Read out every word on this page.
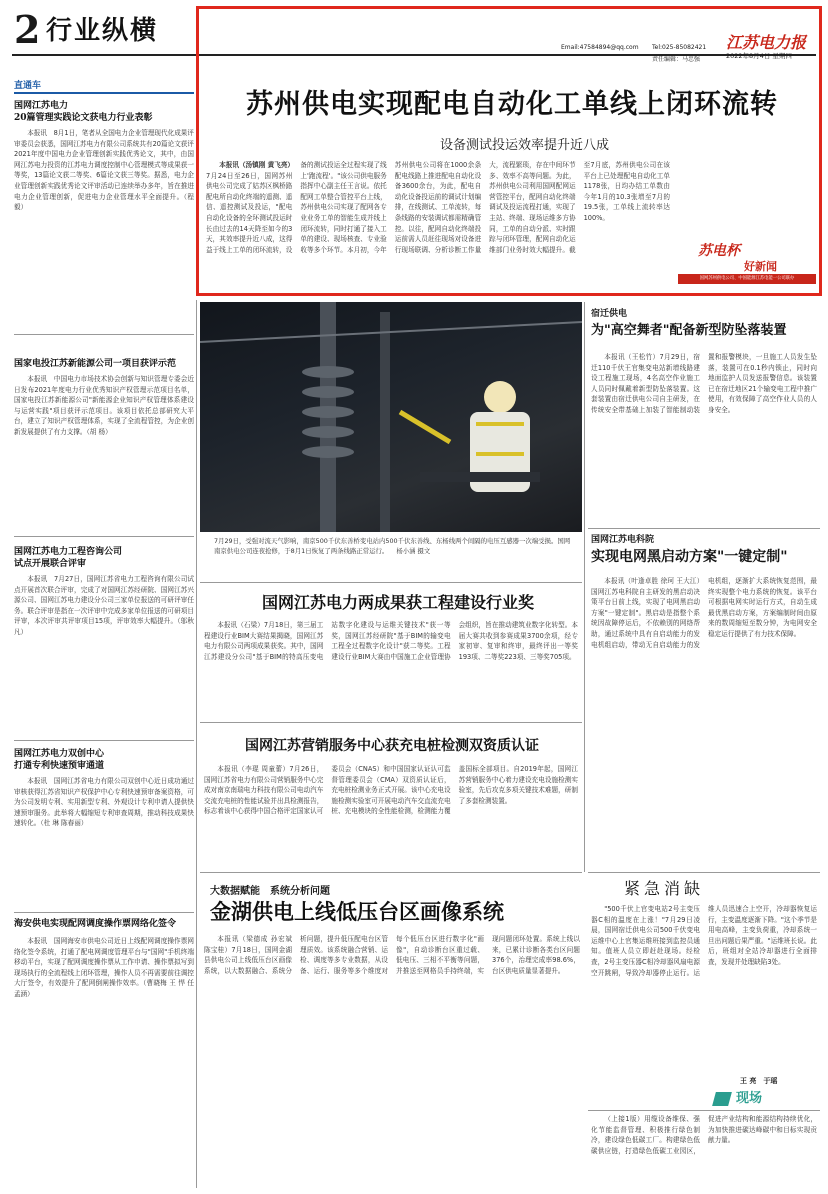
2 行业纵横
Email:47584894@qq.com Tel:025-85082421
责任编辑：马忠强
江苏电力报
2022年8月4日 星期四
苏州供电实现配电自动化工单线上闭环流转
设备测试投运效率提升近八成

本报讯（汤镇刚 黄飞亮）7月24日至26日，国网苏州供电公司完成了姑苏区枫桥路配电所自动化终端的遥测、遥信、遥控测试及投运，"配电自动化设备的全环测试投运时长由过去的14天降至如今的3天，其效率提升近八成，这得益于线上工单的闭环流转，设备的测试投运全过程实现了线上'跑流程'。"该公司供电服务指挥中心副主任王言说。依托配网工单整合管控平台上线，苏州供电公司实现了配网各专业业务工单的智能生成并线上闭环流转，同时打通了接入工单的建设、现场核查、专业验收等多个环节。本月初，今年苏州供电公司将在1000余条配电线路上推进配电自动化设备3600余台，为此，配电自动化设备投运前的调试计划编排，在线测试、工单流转，每条线路的安装调试都需精确管控。以往，配网自动化终端投运前需人员赶往现场对设备进行现场联调、分析诊断工作量大，流程繁琐，存在中间环节多、效率不高等问题。为此，苏州供电公司利用国网配网运营管控平台，配网自动化终端调试及投运流程打通，实现了主站、终端、现场运维多方协同，工单的自动分派、实时跟踪与闭环管理，配网自动化运维部门业务时效大幅提升。截至7月底，苏州供电公司在该平台上已处理配电自动化工单1178张，日均办结工单数由今年1月的10.3张增至7月的19.5张，工单线上流转率达100%。

苏电杯
好新闻
国网苏州供电公司、中国能源江苏电能一公司联办
直通车
国网江苏电力
20篇管理实践论文获电力行业表彰

本报讯　8月1日，笔者从全国电力企业管理现代化成果评审委员会获悉，国网江苏电力有限公司系统共有20篇论文获评2021年度中国电力企业管理创新实践优秀论文，其中，由国网江苏电力投资的江苏电力调度控制中心管理模式等成果获一等奖，13篇论文获二等奖、6篇论文获三等奖。据悉，电力企业管理创新实践优秀论文评审活动已连续举办多年，旨在推进电力企业管理创新，促进电力企业管理水平全面提升。（程 毅）

国家电投江苏新能源公司一项目获评示范

本报讯　中国电力市场技术协会创新与知识管理专委会近日发布2021年度电力行业优秀知识产权管理示范项目名单，国家电投江苏新能源公司"新能源企业知识产权管理体系建设与运营实践"项目获评示范项目。该项目依托总部研究大平台，建立了知识产权管理体系，实现了全流程管控，为企业创新发展提供了有力支撑。（胡 杨）

国网江苏电力工程咨询公司
试点开展联合评审

本报讯　7月27日，国网江苏省电力工程咨询有限公司试点开展首次联合评审，完成了对国网江苏经研院、国网江苏兴源公司、国网江苏电力建设分公司三家单位报送的可研评审任务。联合评审是指在一次评审中完成多家单位报送的可研项目评审，本次评审共评审项目15项，评审效率大幅提升。（邬秋凡）

国网江苏电力双创中心
打通专利快速预审通道

本报讯　国网江苏省电力有限公司双创中心近日成功通过审核获得江苏省知识产权保护中心专利快速预审备案资格，可为公司发明专利、实用新型专利、外观设计专利申请人提供快速预审服务。此举将大幅缩短专利审查周期，推动科技成果快速转化。（杜 琳 陈春丽）

海安供电实现配网调度操作票网络化签令

本报讯　国网海安市供电公司近日上线配网调度操作票网络化签令系统，打通了配电网调度管理平台与"国网"手机终端移动平台，实现了配网调度操作票从工作申请、操作票拟写到现场执行的全流程线上闭环管理，操作人员不再需要前往调控大厅签令，有效提升了配网倒闸操作效率。（曹晓梅 王 悍 任孟涵）

7月29日，受强对流天气影响，南京500千伏东善桥变电站内500千伏东善线、东杨线两个间隔的电压互感器一次端受损。国网南京供电公司连夜抢修，于8月1日恢复了两条线路正常运行。 杨小涵 摄文
宿迁供电
为"高空舞者"配备新型防坠落装置

本报讯（王松竹）7月29日，宿迁110千伏王官集变电站新增线路建设工程施工现场，4名高空作业施工人员同时佩戴着新型防坠落装置。这套装置由宿迁供电公司自主研发，在传统安全带基础上加装了智能制动装置和报警模块，一旦施工人员发生坠落，装置可在0.1秒内锁止，同时向地面监护人员发送报警信息。该装置已在宿迁地区21个输变电工程中推广使用，有效保障了高空作业人员的人身安全。

国网江苏电科院
实现电网黑启动方案"一键定制"

本报讯（叶逢卓胜 徐珂 王大江）国网江苏电科院自主研发的黑启动决策平台日前上线，实现了电网黑启动方案"一键定制"。黑启动是指整个系统因故障停运后，不依赖别的网络帮助，通过系统中具有自启动能力的发电机组启动，带动无自启动能力的发电机组，逐渐扩大系统恢复范围，最终实现整个电力系统的恢复。该平台可根据电网实时运行方式，自动生成最优黑启动方案，方案编制时间由原来的数周缩短至数分钟，为电网安全稳定运行提供了有力技术保障。

国网江苏电力两成果获工程建设行业奖

本报讯（石梁）7月18日，第三届工程建设行业BIM大赛结果揭晓，国网江苏电力有限公司两项成果获奖。其中，国网江苏建设分公司"基于BIM的特高压变电站数字化建设与运维关键技术"获一等奖，国网江苏经研院"基于BIM的输变电工程全过程数字化设计"获二等奖。工程建设行业BIM大赛由中国施工企业管理协会组织，旨在推动建筑业数字化转型。本届大赛共收到参赛成果3700余项，经专家初审、复审和终审，最终评出一等奖193项、二等奖223项、三等奖705项。

国网江苏营销服务中心获充电桩检测双资质认证

本报讯（李琨 周童蕾）7月26日，国网江苏省电力有限公司营销服务中心完成对南京南瑞电力科技有限公司电动汽车交流充电桩的性能试验并出具检测报告，标志着该中心获得中国合格评定国家认可委员会（CNAS）和中国国家认证认可监督管理委员会（CMA）双资质认证后，充电桩检测业务正式开展。该中心充电设施检测实验室可开展电动汽车交直流充电桩、充电模块的全性能检测，检测能力覆盖国标全部项目。自2019年起，国网江苏营销服务中心着力建设充电设施检测实验室，先后攻克多项关键技术难题，研制了多套检测装置。

紧急消缺

"500千伏上官变电站2号主变压器C相的温度在上涨！"7月29日凌晨，国网宿迁供电公司500千伏变电运维中心上官集运维班接到监控员通知。值班人员立即赶赴现场。经检查，2号主变压器C相冷却器风扇电源空开跳闸，导致冷却器停止运行。运维人员迅速合上空开，冷却器恢复运行，主变温度逐渐下降。"这个季节是用电高峰，主变负荷重，冷却系统一旦出问题后果严重。"运维班长说。此后，班组对全站冷却器进行全面排查，发现并处理缺陷3处。

王 亮　于瑶
大数据赋能　系统分析问题
金湖供电上线低压台区画像系统

本报讯（梁德成 孙宏斌 陈宝桂）7月18日，国网金湖县供电公司上线低压台区画像系统，以大数据融合、系统分析问题，提升低压配电台区管理质效。该系统融合营销、运检、调度等多专业数据，从设备、运行、服务等多个维度对每个低压台区进行数字化"画像"，自动诊断台区重过载、低电压、三相不平衡等问题，并推送至网格员手持终端，实现问题闭环处置。系统上线以来，已累计诊断各类台区问题376个，治理完成率98.6%，台区供电质量显著提升。

现场

（上接1版）用缆设备维保、强化节能监督管理、积极推行绿色制冷，建设绿色低碳工厂。构建绿色低碳供应链，打造绿色低碳工业园区，促进产业结构和能源结构持续优化，为加快推进碳达峰碳中和目标实现贡献力量。
